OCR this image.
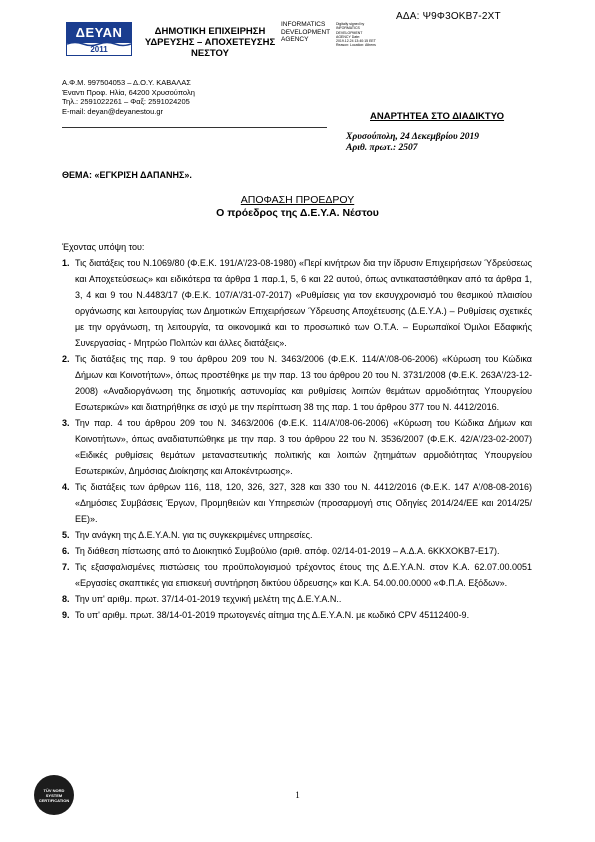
ΑΔΑ: Ψ9Φ3ΟΚΒ7-2ΧΤ
ΔΕΥΑΝ
2011
ΔΗΜΟΤΙΚΗ ΕΠΙΧΕΙΡΗΣΗ
ΥΔΡΕΥΣΗΣ – ΑΠΟΧΕΤΕΥΣΗΣ
ΝΕΣΤΟΥ
INFORMATICS
DEVELOPMENT
AGENCY
Digitally signed by INFORMATICS DEVELOPMENT AGENCY Date: 2019.12.24 13:40:15 EET Reason: Location: Athens
Α.Φ.Μ. 997504053 – Δ.Ο.Υ. ΚΑΒΑΛΑΣ
Έναντι Προφ. Ηλία, 64200 Χρυσούπολη
Τηλ.: 2591022261 – Φαξ: 2591024205
E-mail: deyan@deyanestou.gr	ΑΝΑΡΤΗΤΕΑ ΣΤΟ ΔΙΑΔΙΚΤΥΟ
Χρυσούπολη, 24 Δεκεμβρίου 2019
Αριθ. πρωτ.: 2507
ΘΕΜΑ: «ΕΓΚΡΙΣΗ ΔΑΠΑΝΗΣ».
ΑΠΟΦΑΣΗ ΠΡΟΕΔΡΟΥ
Ο πρόεδρος της Δ.Ε.Υ.Α. Νέστου
Έχοντας υπόψη του:
1. Τις διατάξεις του Ν.1069/80 (Φ.Ε.Κ. 191/Α'/23-08-1980) «Περί κινήτρων δια την ίδρυσιν Επιχειρήσεων Ύδρεύσεως και Αποχετεύσεως» και ειδικότερα τα άρθρα 1 παρ.1, 5, 6 και 22 αυτού, όπως αντικαταστάθηκαν από τα άρθρα 1, 3, 4 και 9 του Ν.4483/17 (Φ.Ε.Κ. 107/Α'/31-07-2017) «Ρυθμίσεις για τον εκσυγχρονισμό του θεσμικού πλαισίου οργάνωσης και λειτουργίας των Δημοτικών Επιχειρήσεων Ύδρευσης Αποχέτευσης (Δ.Ε.Υ.Α.) – Ρυθμίσεις σχετικές με την οργάνωση, τη λειτουργία, τα οικονομικά και το προσωπικό των Ο.Τ.Α. – Ευρωπαϊκοί Όμιλοι Εδαφικής Συνεργασίας - Μητρώο Πολιτών και άλλες διατάξεις».
2. Τις διατάξεις της παρ. 9 του άρθρου 209 του Ν. 3463/2006 (Φ.Ε.Κ. 114/Α'/08-06-2006) «Κύρωση του Κώδικα Δήμων και Κοινοτήτων», όπως προστέθηκε με την παρ. 13 του άρθρου 20 του Ν. 3731/2008 (Φ.Ε.Κ. 263Α'/23-12-2008) «Αναδιοργάνωση της δημοτικής αστυνομίας και ρυθμίσεις λοιπών θεμάτων αρμοδιότητας Υπουργείου Εσωτερικών» και διατηρήθηκε σε ισχύ με την περίπτωση 38 της παρ. 1 του άρθρου 377 του Ν. 4412/2016.
3. Την παρ. 4 του άρθρου 209 του Ν. 3463/2006 (Φ.Ε.Κ. 114/Α'/08-06-2006) «Κύρωση του Κώδικα Δήμων και Κοινοτήτων», όπως αναδιατυπώθηκε με την παρ. 3 του άρθρου 22 του Ν. 3536/2007 (Φ.Ε.Κ. 42/Α'/23-02-2007) «Ειδικές ρυθμίσεις θεμάτων μεταναστευτικής πολιτικής και λοιπών ζητημάτων αρμοδιότητας Υπουργείου Εσωτερικών, Δημόσιας Διοίκησης και Αποκέντρωσης».
4. Τις διατάξεις των άρθρων 116, 118, 120, 326, 327, 328 και 330 του Ν. 4412/2016 (Φ.Ε.Κ. 147 Α'/08-08-2016) «Δημόσιες Συμβάσεις Έργων, Προμηθειών και Υπηρεσιών (προσαρμογή στις Οδηγίες 2014/24/ΕΕ και 2014/25/ΕΕ)».
5. Την ανάγκη της Δ.Ε.Υ.Α.Ν. για τις συγκεκριμένες υπηρεσίες.
6. Τη διάθεση πίστωσης από το Διοικητικό Συμβούλιο (αριθ. απόφ. 02/14-01-2019 – Α.Δ.Α. 6ΚΚΧΟΚΒ7-Ε17).
7. Τις εξασφαλισμένες πιστώσεις του προϋπολογισμού τρέχοντος έτους της Δ.Ε.Υ.Α.Ν. στον Κ.Α. 62.07.00.0051 «Εργασίες σκαπτικές για επισκευή συντήρηση δικτύου ύδρευσης» και Κ.Α. 54.00.00.0000 «Φ.Π.Α. Εξόδων».
8. Την υπ' αριθμ. πρωτ. 37/14-01-2019 τεχνική μελέτη της Δ.Ε.Υ.Α.Ν..
9. Το υπ' αριθμ. πρωτ. 38/14-01-2019 πρωτογενές αίτημα της Δ.Ε.Υ.Α.Ν. με κωδικό CPV 45112400-9.
TÜV NORD
SYSTEM CERTIFICATION
1
